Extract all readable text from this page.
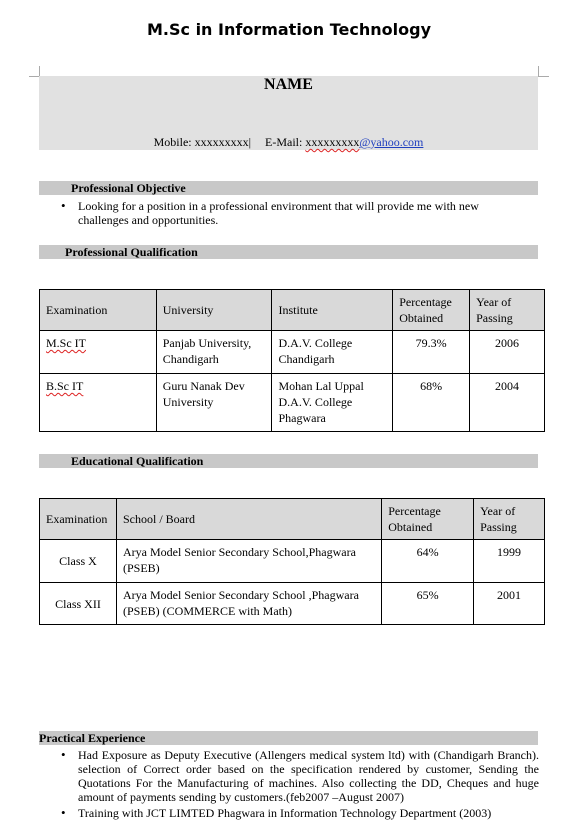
M.Sc in Information Technology
NAME
Mobile: xxxxxxxxx| E-Mail: xxxxxxxxx@yahoo.com
Professional Objective
• Looking for a position in a professional environment that will provide me with new challenges and opportunities.
Professional Qualification
Examination	University	Institute	Percentage Obtained	Year of Passing
M.Sc IT	Panjab University, Chandigarh	D.A.V. College Chandigarh	79.3%	2006
B.Sc IT	Guru Nanak Dev University	Mohan Lal Uppal D.A.V. College Phagwara	68%	2004
Educational Qualification
Examination	School / Board	Percentage Obtained	Year of Passing
Class X	Arya Model Senior Secondary School,Phagwara (PSEB)	64%	1999
Class XII	Arya Model Senior Secondary School ,Phagwara (PSEB) (COMMERCE with Math)	65%	2001
Practical Experience
• Had Exposure as Deputy Executive (Allengers medical system ltd) with (Chandigarh Branch). selection of Correct order based on the specification rendered by customer, Sending the Quotations For the Manufacturing of machines. Also collecting the DD, Cheques and huge amount of payments sending by customers.(feb2007 –August 2007)
• Training with JCT LIMTED Phagwara in Information Technology Department (2003)
